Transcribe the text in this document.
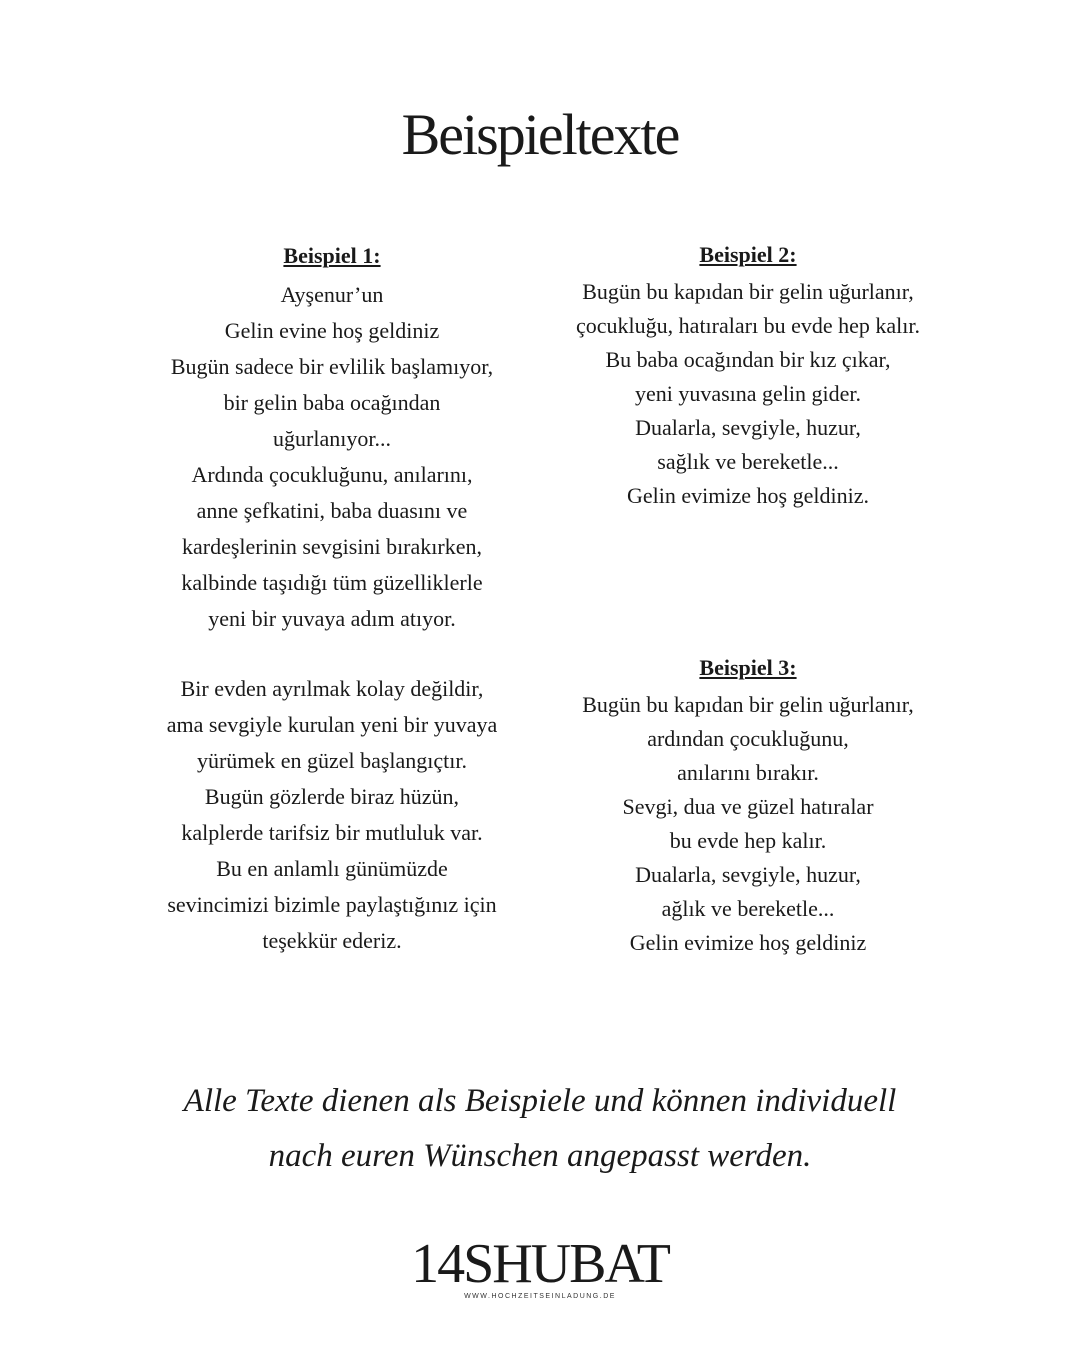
Beispieltexte
Beispiel 1:
Ayşenur’un
Gelin evine hoş geldiniz
Bugün sadece bir evlilik başlamıyor,
bir gelin baba ocağından
uğurlanıyor...
Ardında çocukluğunu, anılarını,
anne şefkatini, baba duasını ve
kardeşlerinin sevgisini bırakırken,
kalbinde taşıdığı tüm güzelliklerle
yeni bir yuvaya adım atıyor.
Bir evden ayrılmak kolay değildir,
ama sevgiyle kurulan yeni bir yuvaya
yürümek en güzel başlangıçtır.
Bugün gözlerde biraz hüzün,
kalplerde tarifsiz bir mutluluk var.
Bu en anlamlı günümüzde
sevincimizi bizimle paylaştığınız için
teşekkür ederiz.
Beispiel 2:
Bugün bu kapıdan bir gelin uğurlanır,
çocukluğu, hatıraları bu evde hep kalır.
Bu baba ocağından bir kız çıkar,
yeni yuvasına gelin gider.
Dualarla, sevgiyle, huzur,
sağlık ve bereketle...
Gelin evimize hoş geldiniz.
Beispiel 3:
Bugün bu kapıdan bir gelin uğurlanır,
ardından çocukluğunu,
anılarını bırakır.
Sevgi, dua ve güzel hatıralar
bu evde hep kalır.
Dualarla, sevgiyle, huzur,
ağlık ve bereketle...
Gelin evimize hoş geldiniz
Alle Texte dienen als Beispiele und können individuell
nach euren Wünschen angepasst werden.
14SHUBAT
WWW.HOCHZEITSEINLADUNG.DE
